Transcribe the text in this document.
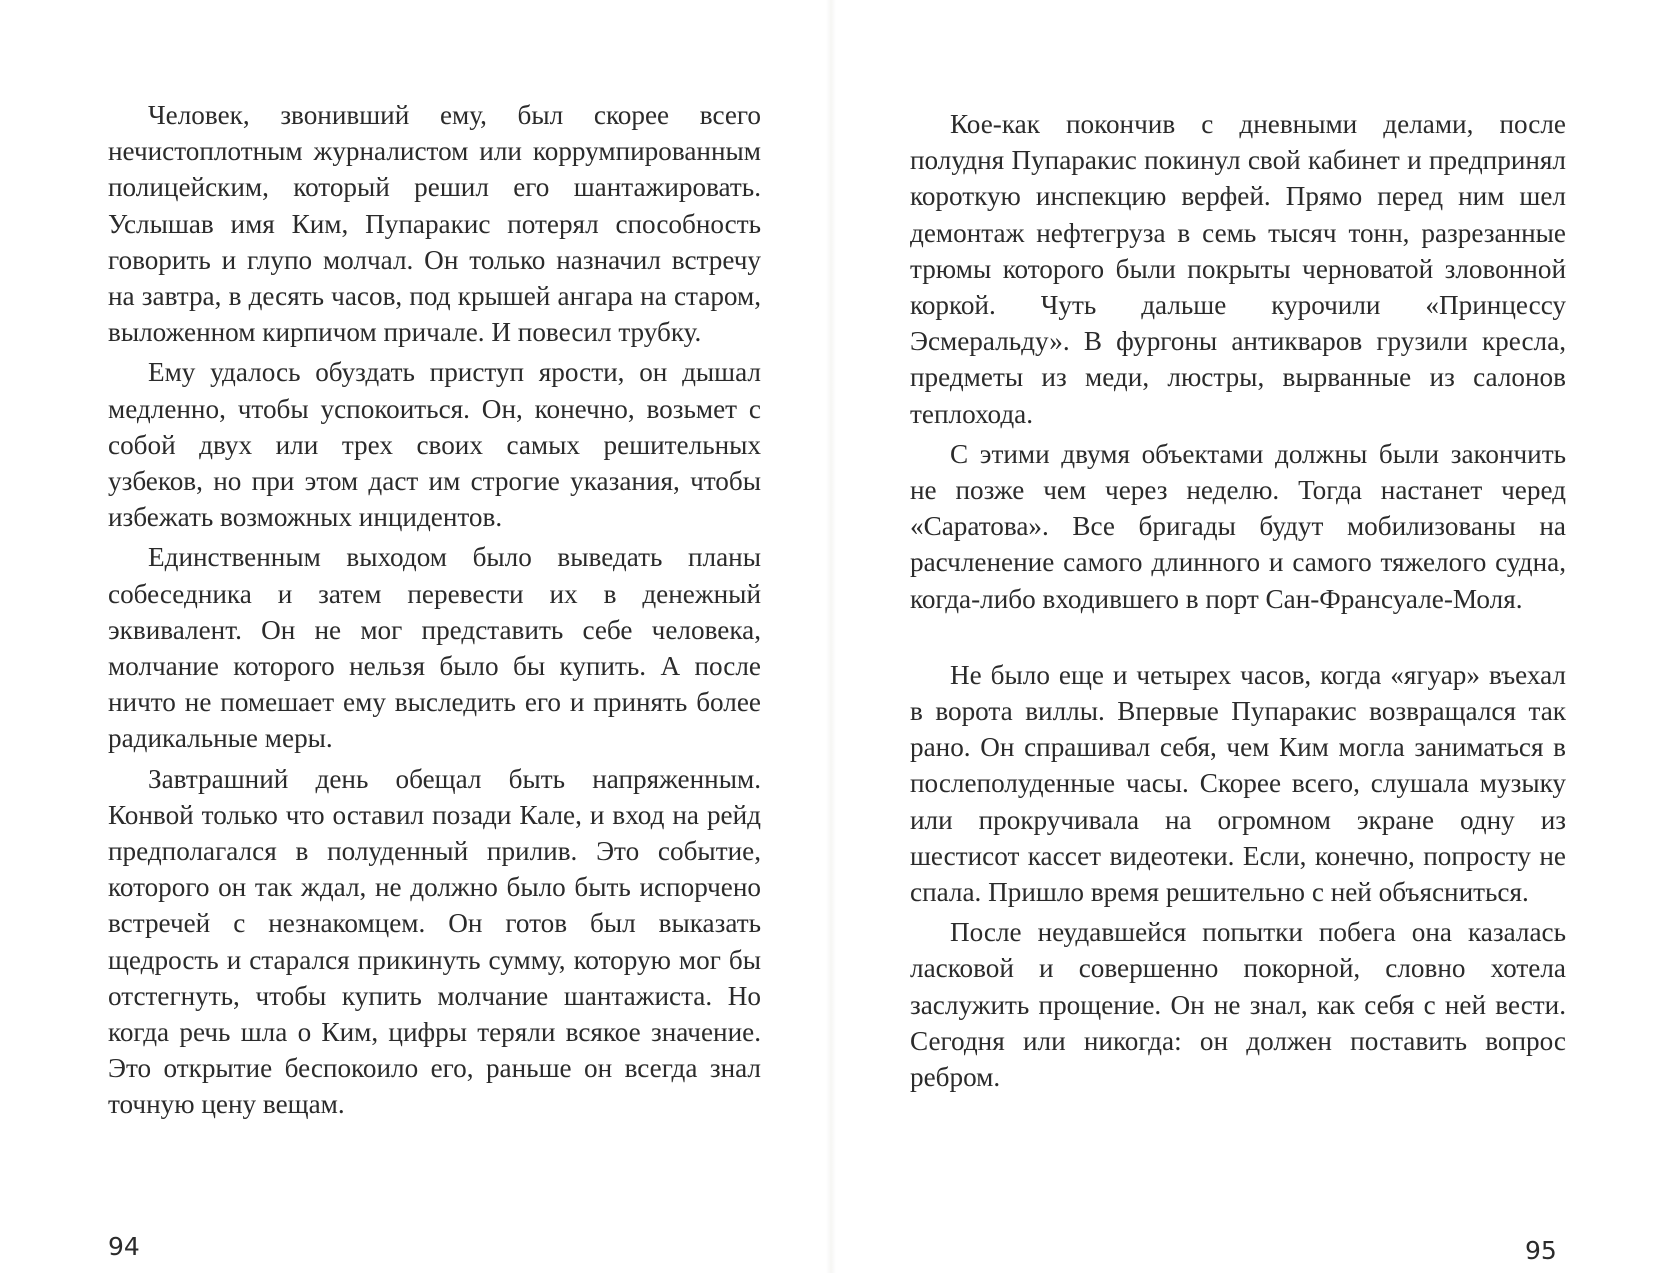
Человек, звонивший ему, был скорее всего нечистоплотным журналистом или коррумпированным полицейским, который решил его шантажировать. Услышав имя Ким, Пупаракис потерял способность говорить и глупо молчал. Он только назначил встречу на завтра, в десять часов, под крышей ангара на старом, выложенном кирпичом причале. И повесил трубку.

Ему удалось обуздать приступ ярости, он дышал медленно, чтобы успокоиться. Он, конечно, возьмет с собой двух или трех своих самых решительных узбеков, но при этом даст им строгие указания, чтобы избежать возможных инцидентов.

Единственным выходом было выведать планы собеседника и затем перевести их в денежный эквивалент. Он не мог представить себе человека, молчание которого нельзя было бы купить. А после ничто не помешает ему выследить его и принять более радикальные меры.

Завтрашний день обещал быть напряженным. Конвой только что оставил позади Кале, и вход на рейд предполагался в полуденный прилив. Это событие, которого он так ждал, не должно было быть испорчено встречей с незнакомцем. Он готов был выказать щедрость и старался прикинуть сумму, которую мог бы отстегнуть, чтобы купить молчание шантажиста. Но когда речь шла о Ким, цифры теряли всякое значение. Это открытие беспокоило его, раньше он всегда знал точную цену вещам.

94

Кое-как покончив с дневными делами, после полудня Пупаракис покинул свой кабинет и предпринял короткую инспекцию верфей. Прямо перед ним шел демонтаж нефтегруза в семь тысяч тонн, разрезанные трюмы которого были покрыты черноватой зловонной коркой. Чуть дальше курочили «Принцессу Эсмеральду». В фургоны антикваров грузили кресла, предметы из меди, люстры, вырванные из салонов теплохода.

С этими двумя объектами должны были закончить не позже чем через неделю. Тогда настанет черед «Саратова». Все бригады будут мобилизованы на расчленение самого длинного и самого тяжелого судна, когда-либо входившего в порт Сан-Франсуале-Моля.

Не было еще и четырех часов, когда «ягуар» въехал в ворота виллы. Впервые Пупаракис возвращался так рано. Он спрашивал себя, чем Ким могла заниматься в послеполуденные часы. Скорее всего, слушала музыку или прокручивала на огромном экране одну из шестисот кассет видеотеки. Если, конечно, попросту не спала. Пришло время решительно с ней объясниться.

После неудавшейся попытки побега она казалась ласковой и совершенно покорной, словно хотела заслужить прощение. Он не знал, как себя с ней вести. Сегодня или никогда: он должен поставить вопрос ребром.

95
